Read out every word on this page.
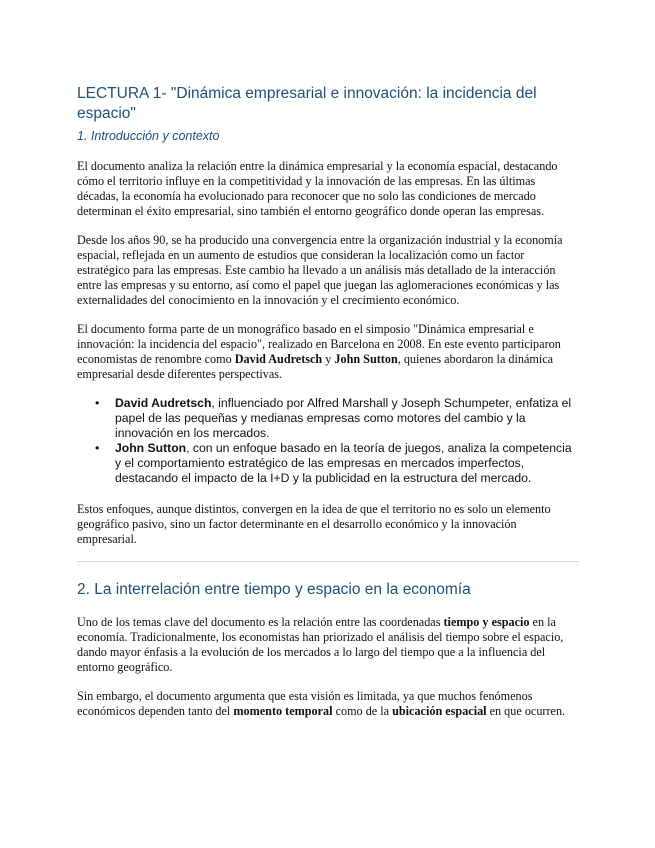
LECTURA 1- "Dinámica empresarial e innovación: la incidencia del espacio"
1. Introducción y contexto

El documento analiza la relación entre la dinámica empresarial y la economía espacial, destacando cómo el territorio influye en la competitividad y la innovación de las empresas. En las últimas décadas, la economía ha evolucionado para reconocer que no solo las condiciones de mercado determinan el éxito empresarial, sino también el entorno geográfico donde operan las empresas.

Desde los años 90, se ha producido una convergencia entre la organización industrial y la economía espacial, reflejada en un aumento de estudios que consideran la localización como un factor estratégico para las empresas. Este cambio ha llevado a un análisis más detallado de la interacción entre las empresas y su entorno, así como el papel que juegan las aglomeraciones económicas y las externalidades del conocimiento en la innovación y el crecimiento económico.

El documento forma parte de un monográfico basado en el simposio "Dinámica empresarial e innovación: la incidencia del espacio", realizado en Barcelona en 2008. En este evento participaron economistas de renombre como David Audretsch y John Sutton, quienes abordaron la dinámica empresarial desde diferentes perspectivas.

• David Audretsch, influenciado por Alfred Marshall y Joseph Schumpeter, enfatiza el papel de las pequeñas y medianas empresas como motores del cambio y la innovación en los mercados.
• John Sutton, con un enfoque basado en la teoría de juegos, analiza la competencia y el comportamiento estratégico de las empresas en mercados imperfectos, destacando el impacto de la I+D y la publicidad en la estructura del mercado.

Estos enfoques, aunque distintos, convergen en la idea de que el territorio no es solo un elemento geográfico pasivo, sino un factor determinante en el desarrollo económico y la innovación empresarial.

2. La interrelación entre tiempo y espacio en la economía

Uno de los temas clave del documento es la relación entre las coordenadas tiempo y espacio en la economía. Tradicionalmente, los economistas han priorizado el análisis del tiempo sobre el espacio, dando mayor énfasis a la evolución de los mercados a lo largo del tiempo que a la influencia del entorno geográfico.

Sin embargo, el documento argumenta que esta visión es limitada, ya que muchos fenómenos económicos dependen tanto del momento temporal como de la ubicación espacial en que ocurren.
